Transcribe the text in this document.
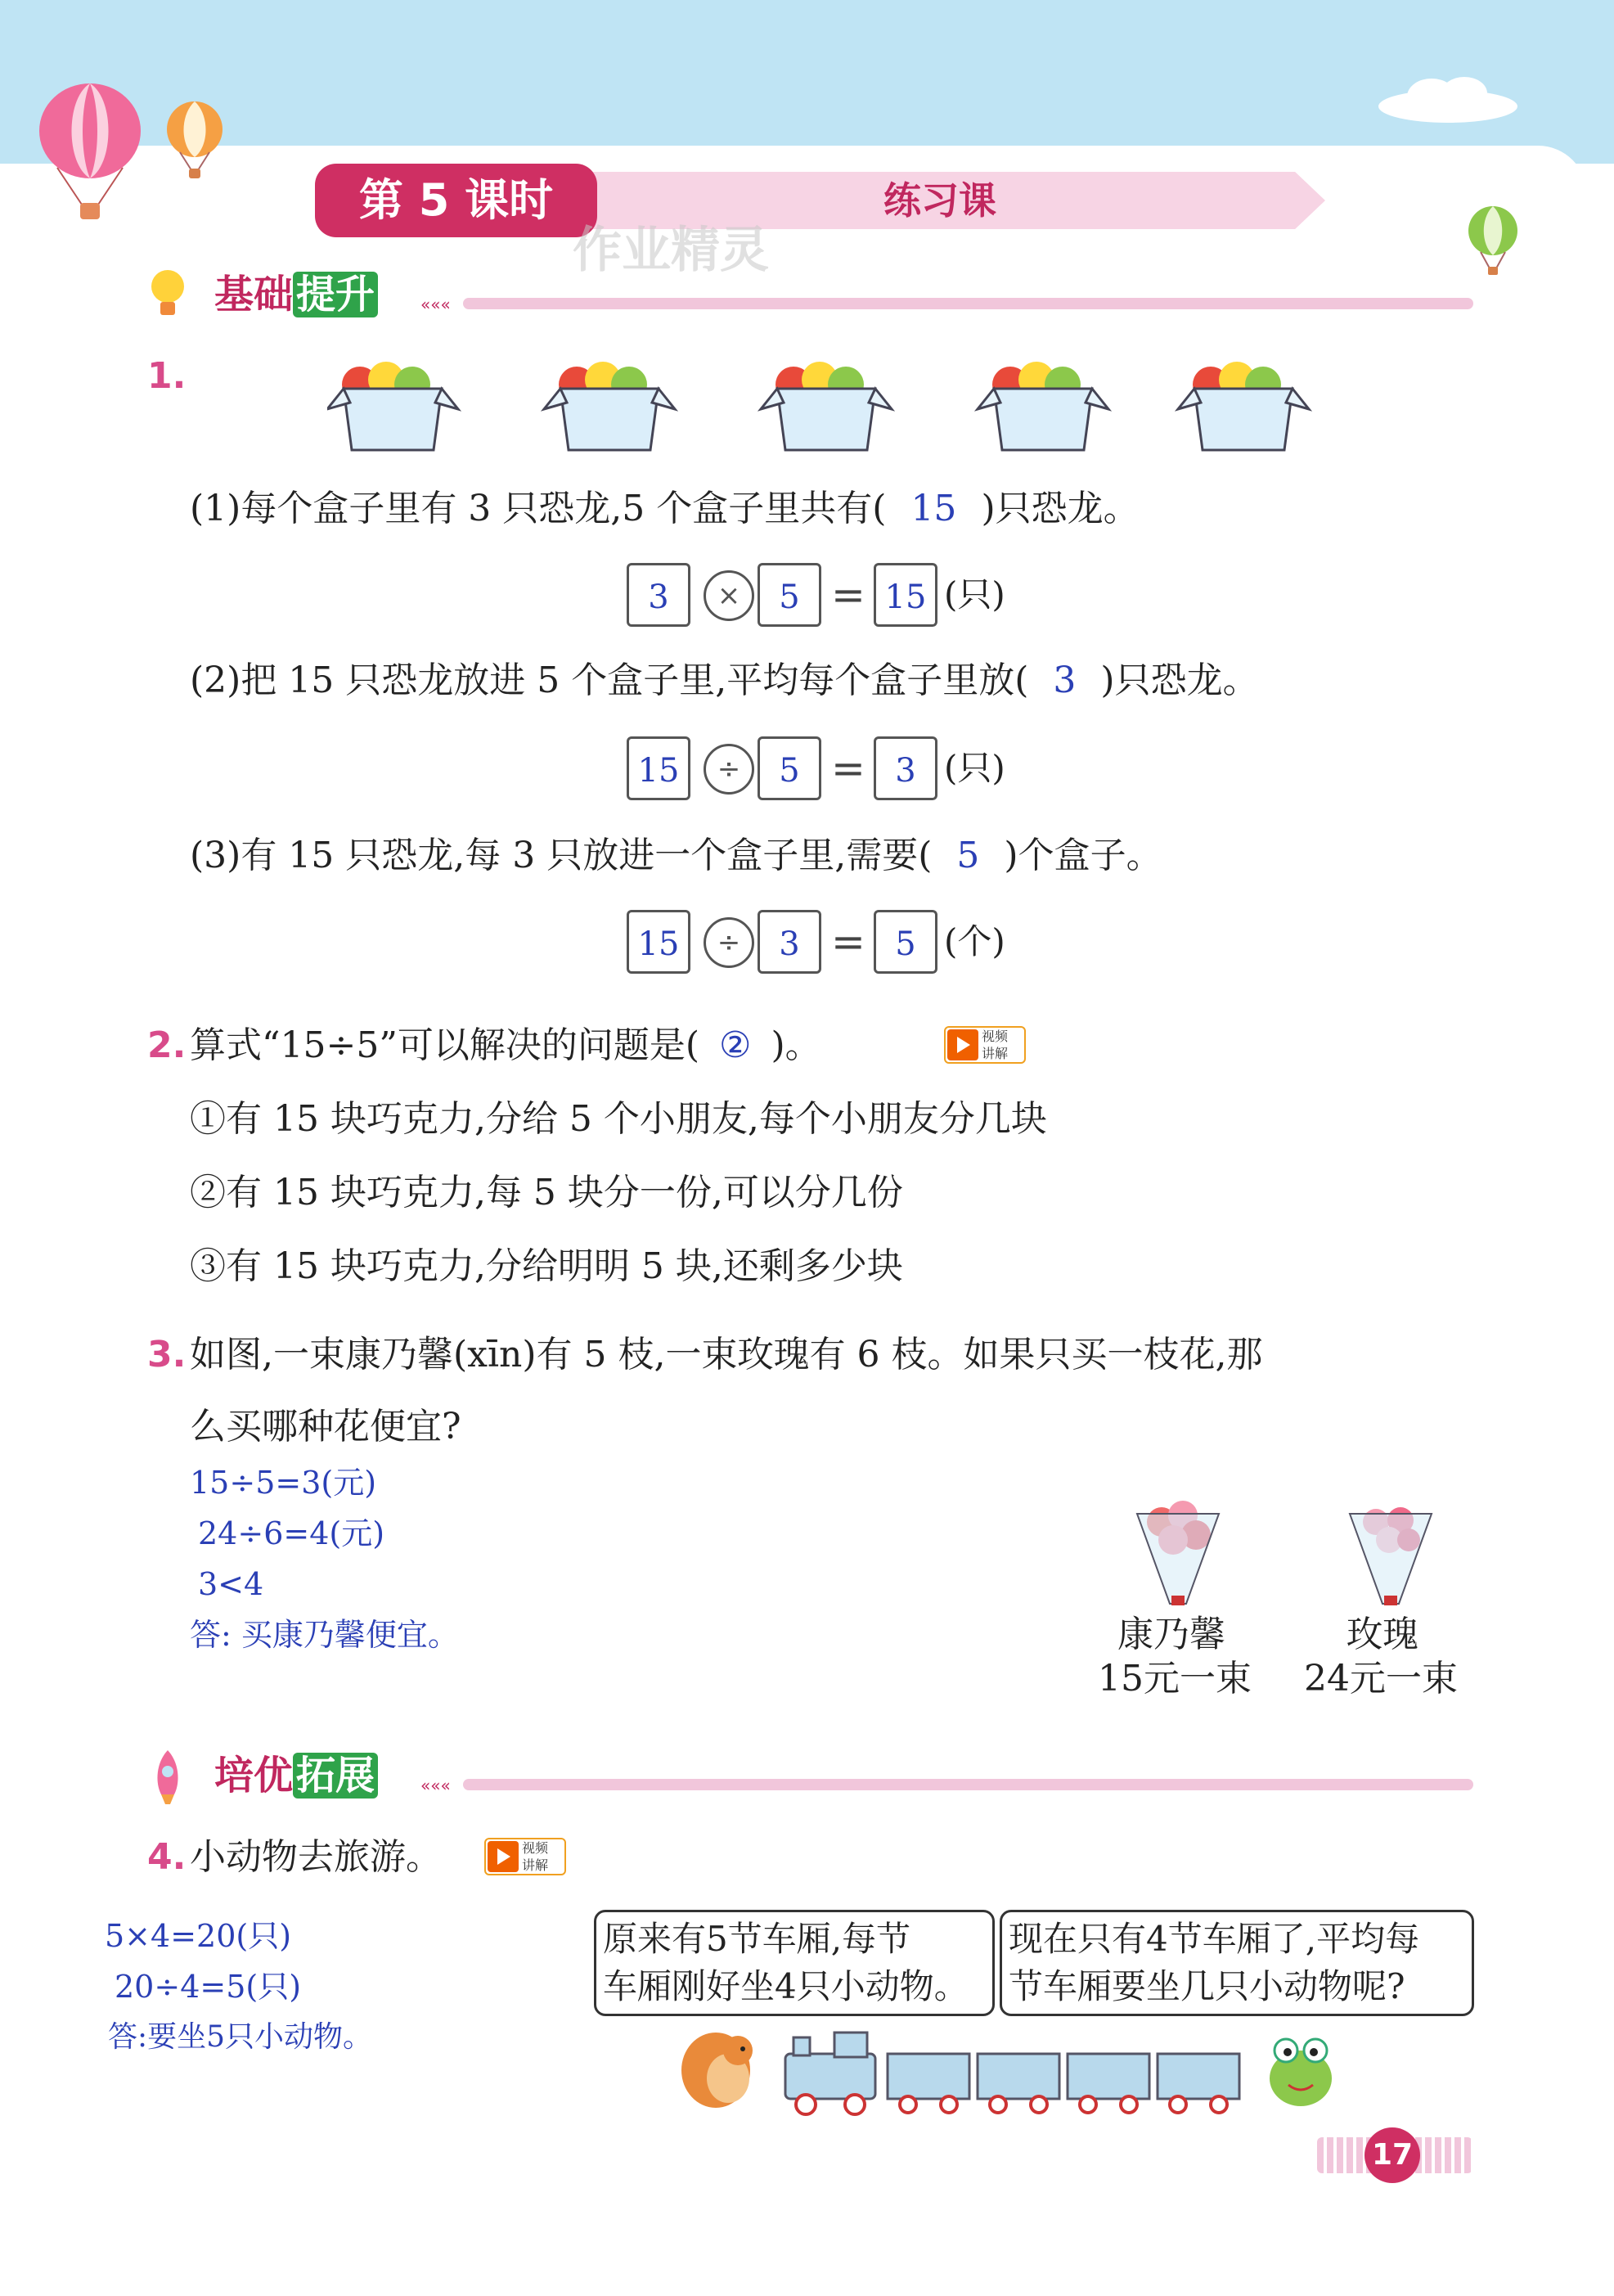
第 5 课时	练习课
作业精灵
基础提升	«««
1.
(1)每个盒子里有 3 只恐龙,5 个盒子里共有( 15 )只恐龙。
3	×	5 = 15 (只)
(2)把 15 只恐龙放进 5 个盒子里,平均每个盒子里放( 3 )只恐龙。
15	÷	5 = 3 (只)
(3)有 15 只恐龙,每 3 只放进一个盒子里,需要( 5 )个盒子。
15	÷	3 = 5 (个)
2. 算式“15÷5”可以解决的问题是( ② )。	视频
讲解
①有 15 块巧克力,分给 5 个小朋友,每个小朋友分几块
②有 15 块巧克力,每 5 块分一份,可以分几份
③有 15 块巧克力,分给明明 5 块,还剩多少块
3. 如图,一束康乃馨(xīn)有 5 枝,一束玫瑰有 6 枝。如果只买一枝花,那
么买哪种花便宜?
15÷5=3(元)
24÷6=4(元)
3<4
答: 买康乃馨便宜。	康乃馨
15元一束
玫瑰
24元一束
培优拓展	«««
4. 小动物去旅游。	视频
讲解
5×4=20(只)
20÷4=5(只)
答:要坐5只小动物。
原来有5节车厢,每节
车厢刚好坐4只小动物。
现在只有4节车厢了,平均每
节车厢要坐几只小动物呢?
17
